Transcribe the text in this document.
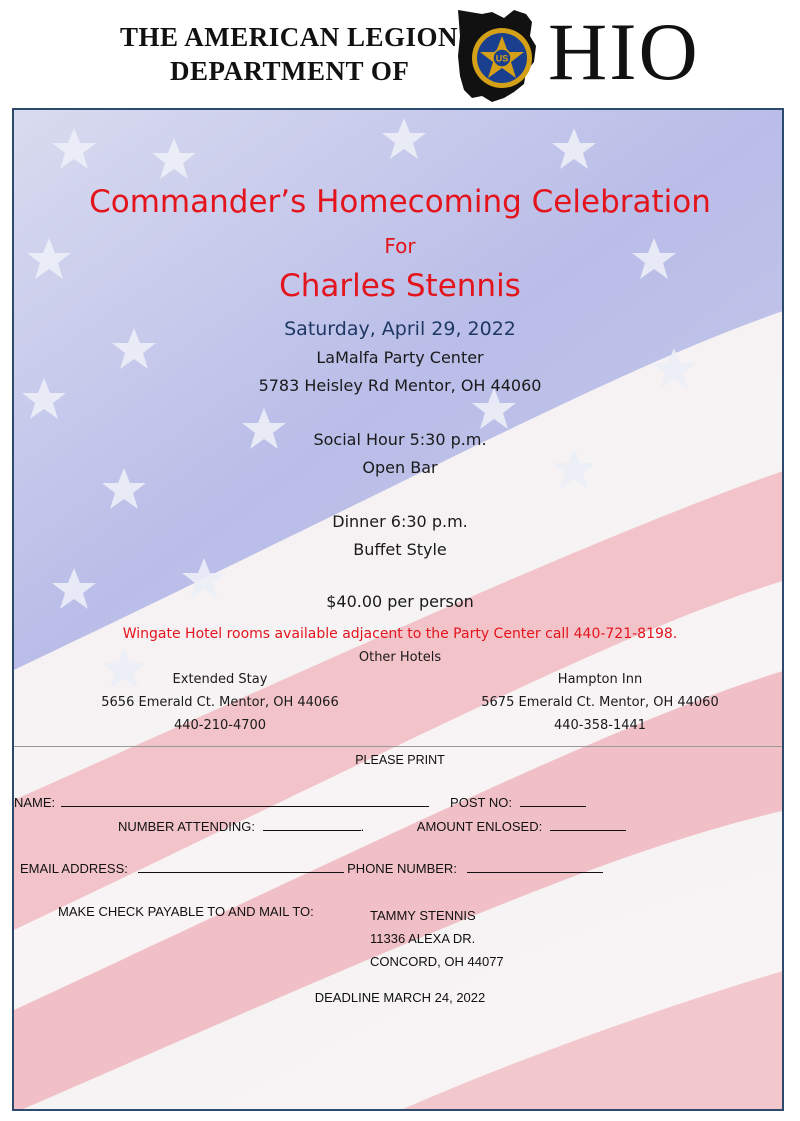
THE AMERICAN LEGION
DEPARTMENT OF	US HIO
Commander’s Homecoming Celebration
For
Charles Stennis
Saturday, April 29, 2022
LaMalfa Party Center
5783 Heisley Rd Mentor, OH 44060
Social Hour 5:30 p.m.
Open Bar
Dinner 6:30 p.m.
Buffet Style
$40.00 per person
Wingate Hotel rooms available adjacent to the Party Center call 440-721-8198.
Other Hotels
Extended Stay
5656 Emerald Ct. Mentor, OH 44066
440-210-4700
Hampton Inn
5675 Emerald Ct. Mentor, OH 44060
440-358-1441
PLEASE PRINT
NAME:	POST NO:
NUMBER ATTENDING:	.	AMOUNT ENLOSED:
EMAIL ADDRESS:	PHONE NUMBER:
MAKE CHECK PAYABLE TO AND MAIL TO:	TAMMY STENNIS
11336 ALEXA DR.
CONCORD, OH 44077
DEADLINE MARCH 24, 2022
